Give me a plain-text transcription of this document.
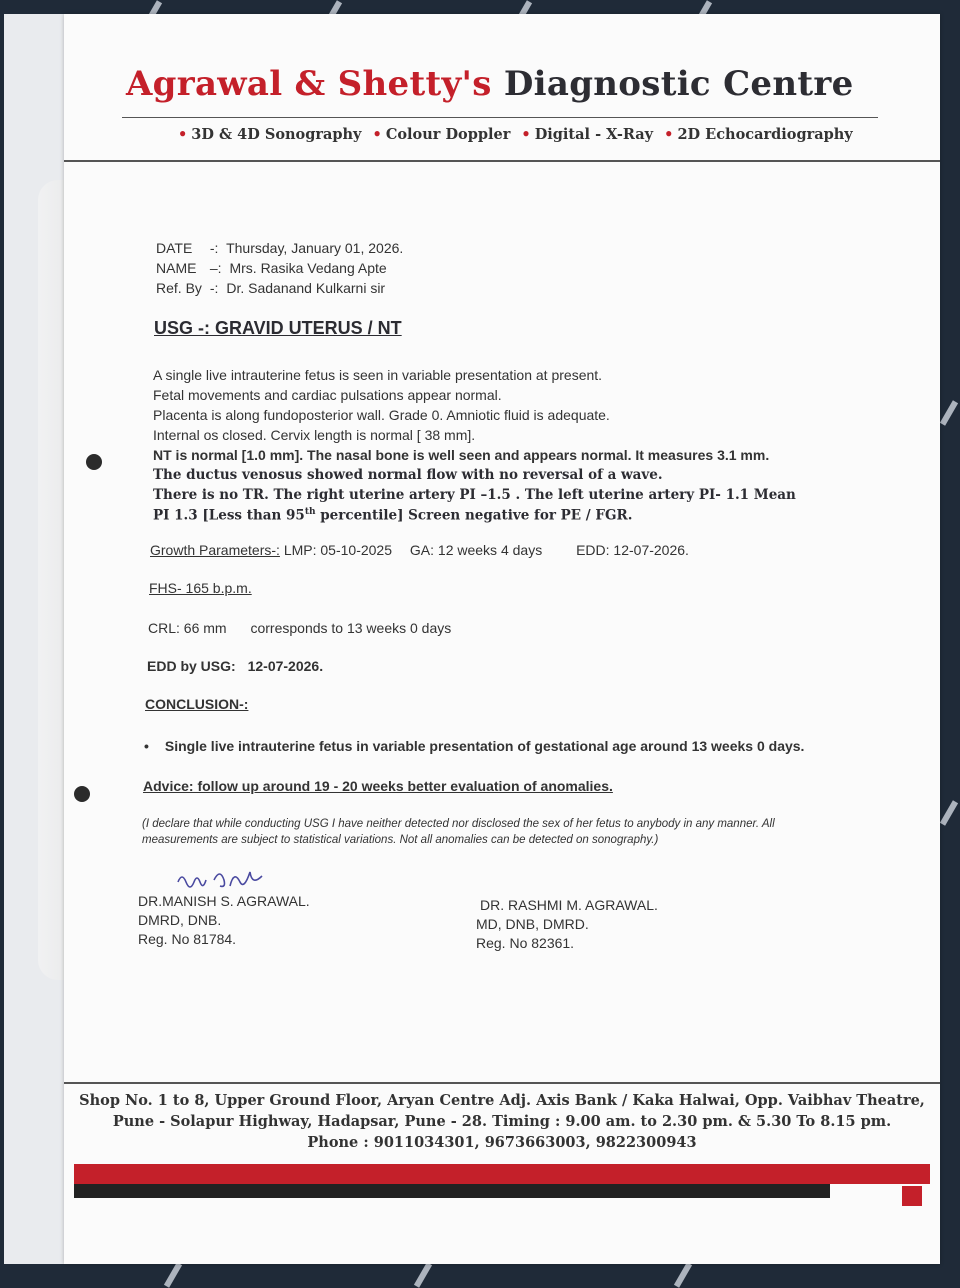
Agrawal & Shetty's Diagnostic Centre
• 3D & 4D Sonography • Colour Doppler • Digital - X-Ray • 2D Echocardiography
DATE -: Thursday, January 01, 2026.
NAME –: Mrs. Rasika Vedang Apte
Ref. By -: Dr. Sadanand Kulkarni sir
USG -: GRAVID UTERUS / NT
A single live intrauterine fetus is seen in variable presentation at present.
Fetal movements and cardiac pulsations appear normal.
Placenta is along fundoposterior wall. Grade 0. Amniotic fluid is adequate.
Internal os closed. Cervix length is normal [ 38 mm].
NT is normal [1.0 mm]. The nasal bone is well seen and appears normal. It measures 3.1 mm.
The ductus venosus showed normal flow with no reversal of a wave.
There is no TR. The right uterine artery PI –1.5 . The left uterine artery PI- 1.1 Mean
PI 1.3 [Less than 95th percentile] Screen negative for PE / FGR.
Growth Parameters-: LMP: 05-10-2025 GA: 12 weeks 4 days EDD: 12-07-2026.
FHS- 165 b.p.m.
CRL: 66 mm corresponds to 13 weeks 0 days
EDD by USG: 12-07-2026.
CONCLUSION-:
• Single live intrauterine fetus in variable presentation of gestational age around 13 weeks 0 days.
Advice: follow up around 19 - 20 weeks better evaluation of anomalies.
(I declare that while conducting USG I have neither detected nor disclosed the sex of her fetus to anybody in any manner. All measurements are subject to statistical variations. Not all anomalies can be detected on sonography.)
DR.MANISH S. AGRAWAL.
DMRD, DNB.
Reg. No 81784.
DR. RASHMI M. AGRAWAL.
MD, DNB, DMRD.
Reg. No 82361.
Shop No. 1 to 8, Upper Ground Floor, Aryan Centre Adj. Axis Bank / Kaka Halwai, Opp. Vaibhav Theatre,
Pune - Solapur Highway, Hadapsar, Pune - 28. Timing : 9.00 am. to 2.30 pm. & 5.30 To 8.15 pm.
Phone : 9011034301, 9673663003, 9822300943
